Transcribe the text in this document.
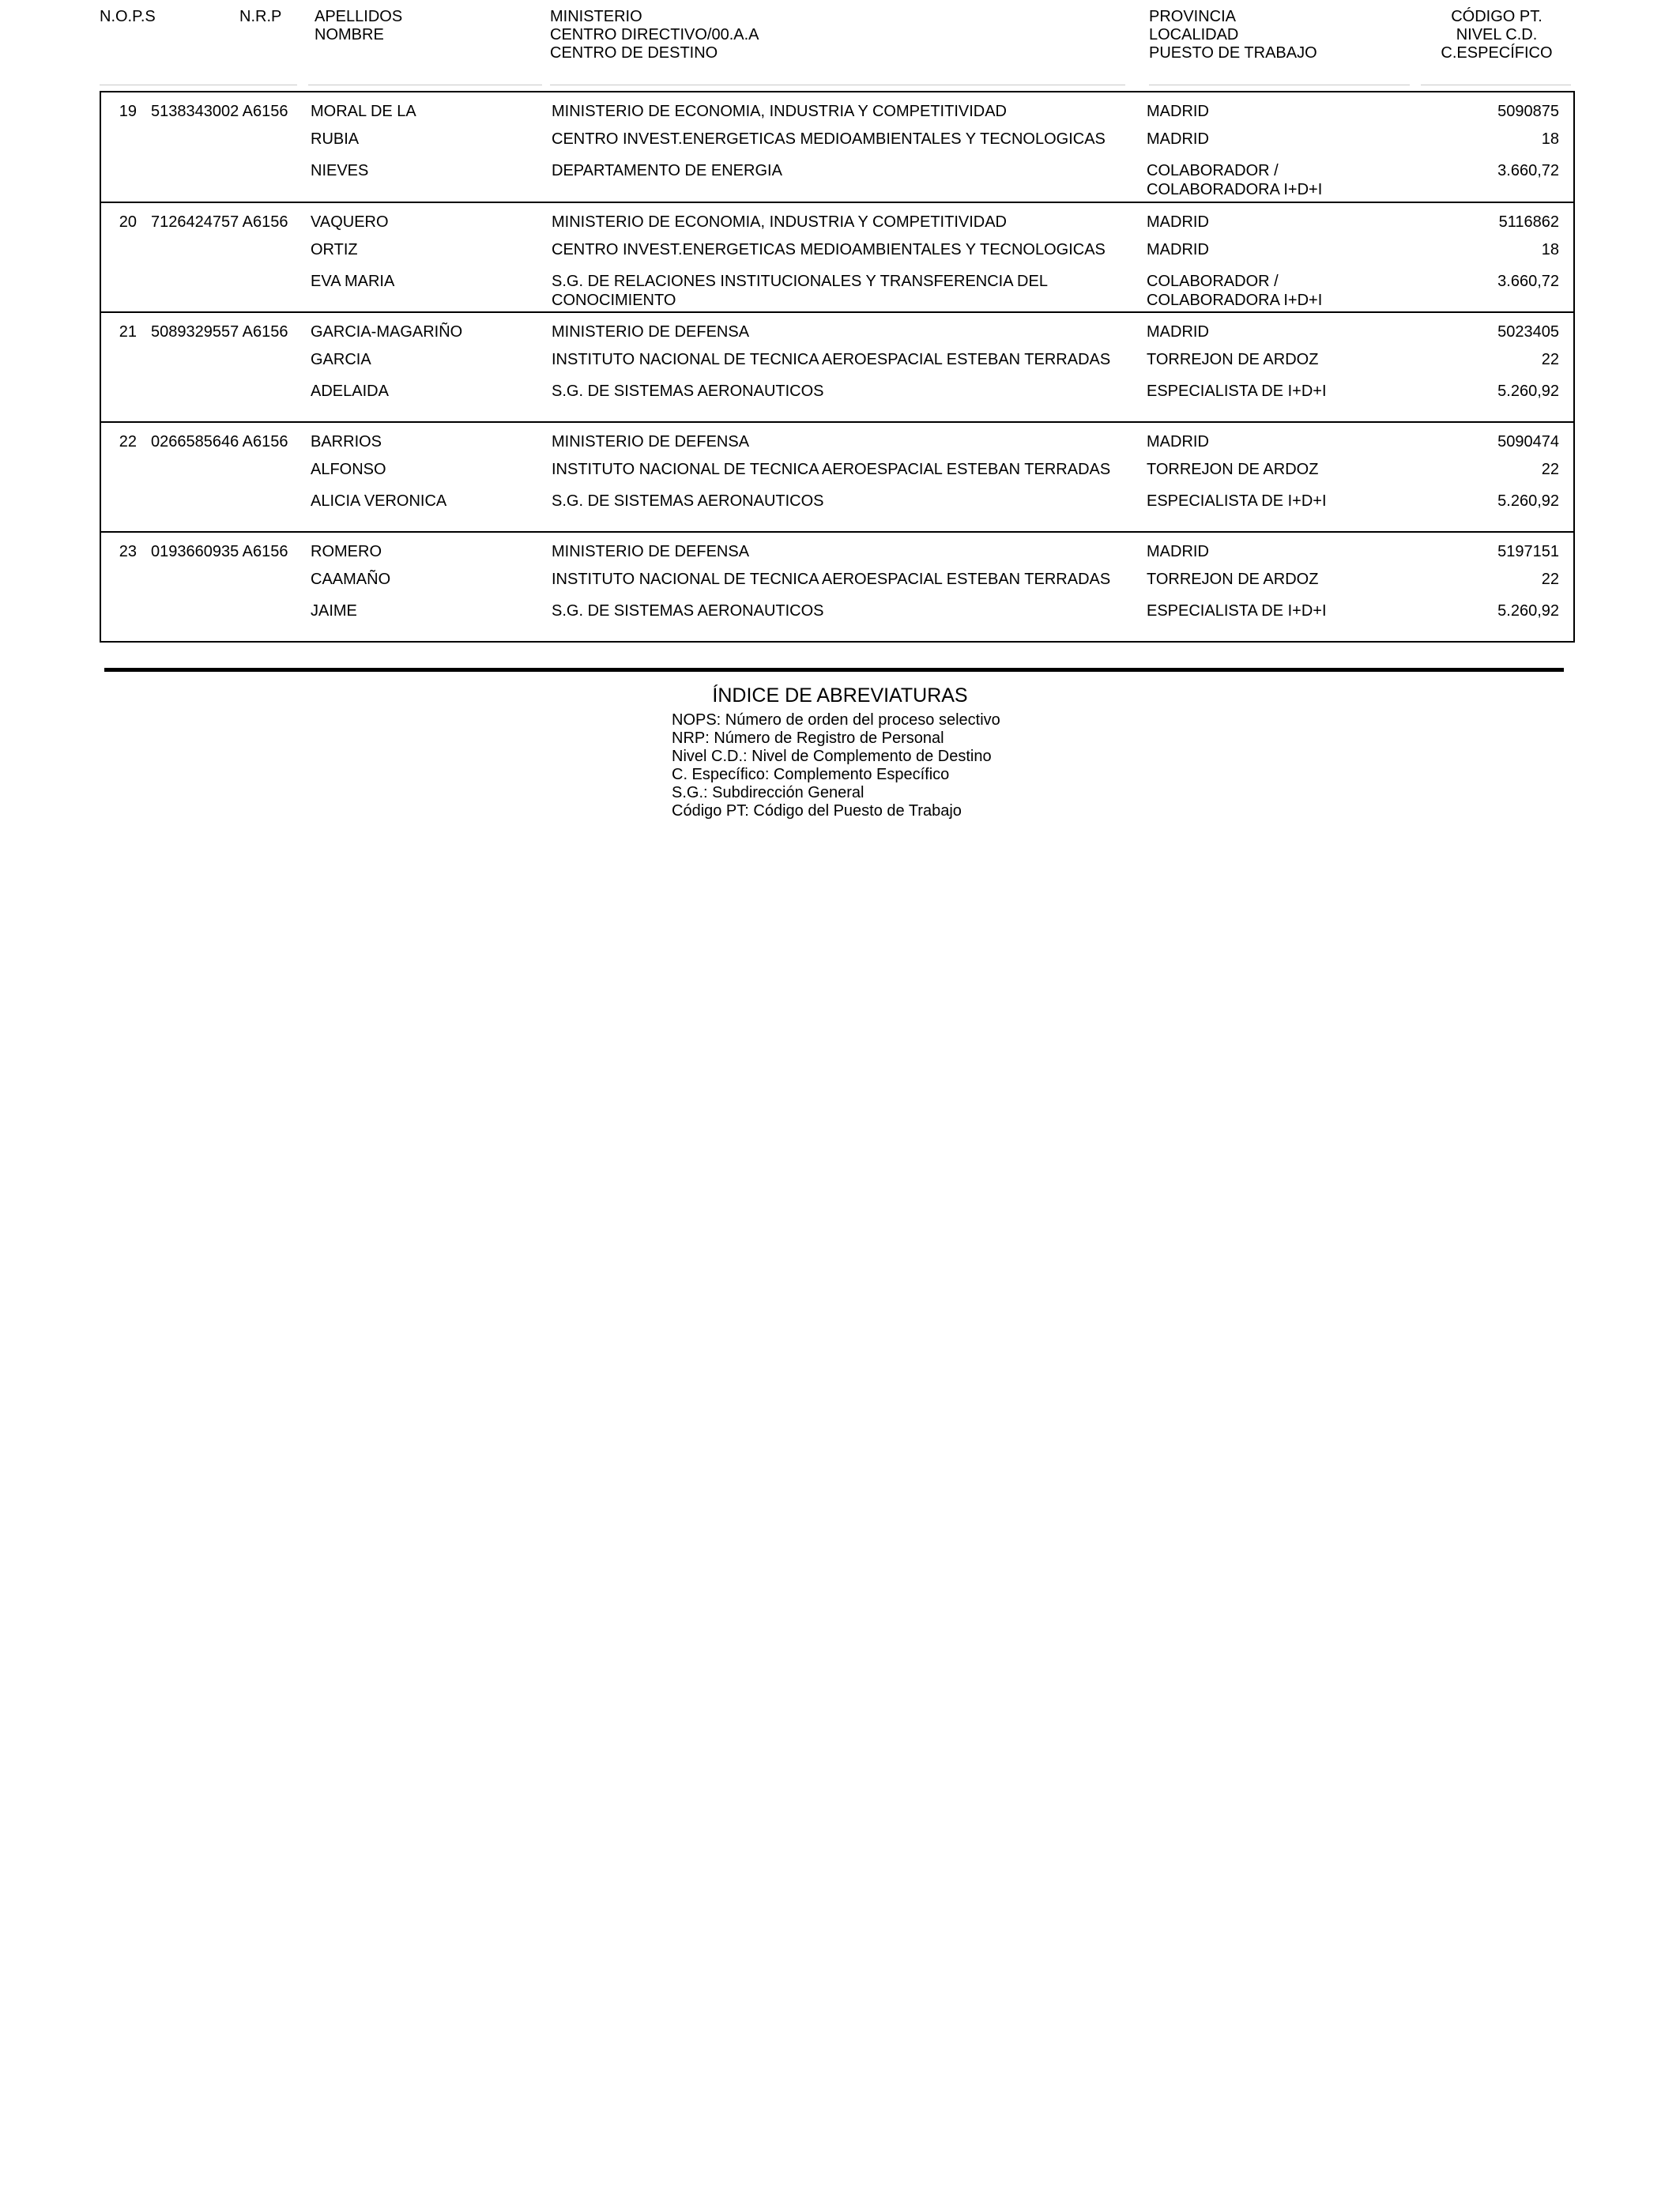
N.O.P.S	N.R.P APELLIDOS
NOMBRE
MINISTERIO
CENTRO DIRECTIVO/00.A.A
CENTRO DE DESTINO
PROVINCIA
LOCALIDAD
PUESTO DE TRABAJO
CÓDIGO PT.
NIVEL C.D.
C.ESPECÍFICO
19 5138343002 A6156 MORAL DE LA
RUBIA
NIEVES
MINISTERIO DE ECONOMIA, INDUSTRIA Y COMPETITIVIDAD
CENTRO INVEST.ENERGETICAS MEDIOAMBIENTALES Y TECNOLOGICAS
DEPARTAMENTO DE ENERGIA
MADRID
MADRID
COLABORADOR / COLABORADORA I+D+I
5090875
18
3.660,72
20 7126424757 A6156 VAQUERO
ORTIZ
EVA MARIA
MINISTERIO DE ECONOMIA, INDUSTRIA Y COMPETITIVIDAD
CENTRO INVEST.ENERGETICAS MEDIOAMBIENTALES Y TECNOLOGICAS
S.G. DE RELACIONES INSTITUCIONALES Y TRANSFERENCIA DEL CONOCIMIENTO
MADRID
MADRID
COLABORADOR / COLABORADORA I+D+I
5116862
18
3.660,72
21 5089329557 A6156 GARCIA-MAGARIÑO
GARCIA
ADELAIDA
MINISTERIO DE DEFENSA
INSTITUTO NACIONAL DE TECNICA AEROESPACIAL ESTEBAN TERRADAS
S.G. DE SISTEMAS AERONAUTICOS
MADRID
TORREJON DE ARDOZ
ESPECIALISTA DE I+D+I
5023405
22
5.260,92
22 0266585646 A6156 BARRIOS
ALFONSO
ALICIA VERONICA
MINISTERIO DE DEFENSA
INSTITUTO NACIONAL DE TECNICA AEROESPACIAL ESTEBAN TERRADAS
S.G. DE SISTEMAS AERONAUTICOS
MADRID
TORREJON DE ARDOZ
ESPECIALISTA DE I+D+I
5090474
22
5.260,92
23 0193660935 A6156 ROMERO
CAAMAÑO
JAIME
MINISTERIO DE DEFENSA
INSTITUTO NACIONAL DE TECNICA AEROESPACIAL ESTEBAN TERRADAS
S.G. DE SISTEMAS AERONAUTICOS
MADRID
TORREJON DE ARDOZ
ESPECIALISTA DE I+D+I
5197151
22
5.260,92
ÍNDICE DE ABREVIATURAS
NOPS: Número de orden del proceso selectivo
NRP: Número de Registro de Personal
Nivel C.D.: Nivel de Complemento de Destino
C. Específico: Complemento Específico
S.G.: Subdirección General
Código PT: Código del Puesto de Trabajo
